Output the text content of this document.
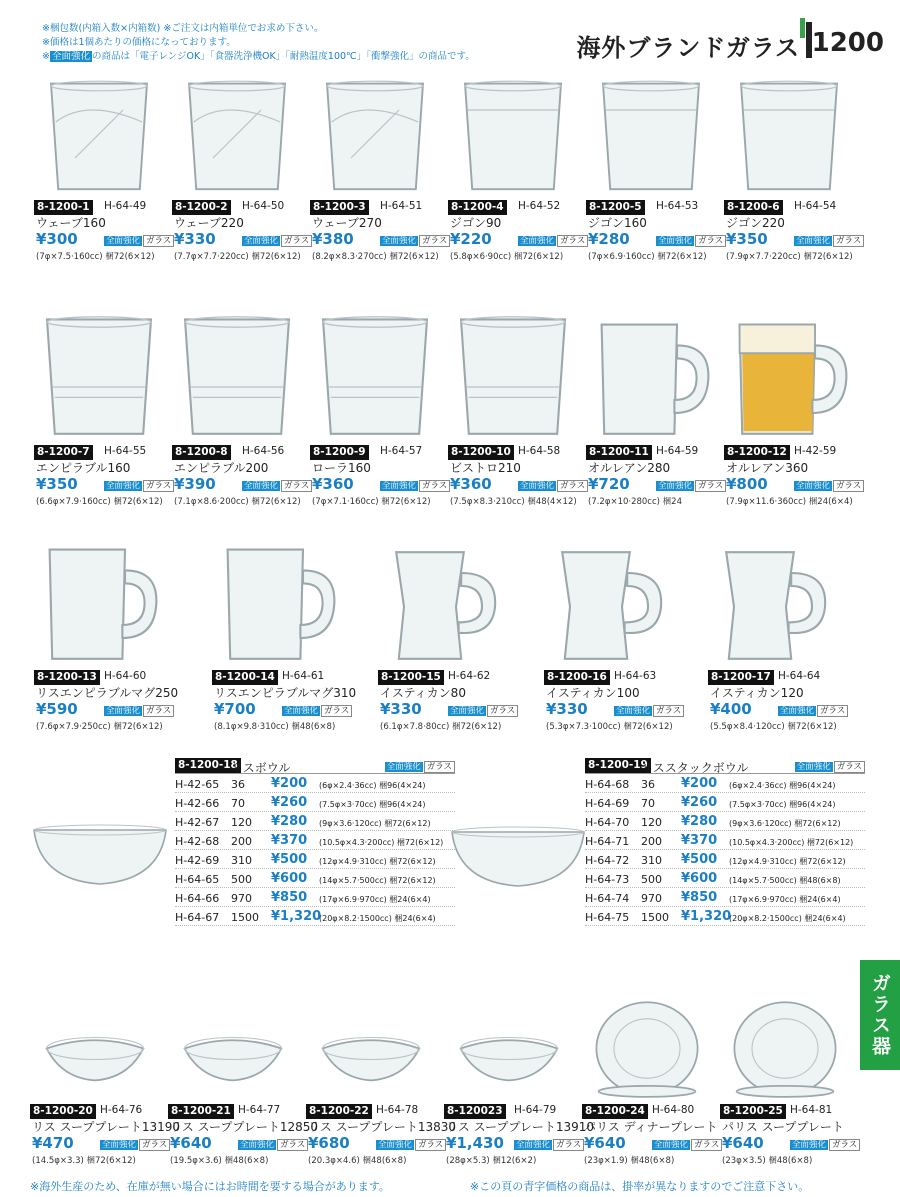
※梱包数(内箱入数×内箱数) ※ご注文は内箱単位でお求め下さい。
※価格は1個あたりの価格になっております。
※ 全面強化 の商品は「電子レンジOK」「食器洗浄機OK」「耐熱温度100℃」「衝撃強化」の商品です。	海外ブランドガラス 1200
8-1200-1 H-64-49
ウェーブ160
¥300	全面強化 ガラス
(7φ×7.5·160cc) 梱72(6×12)
8-1200-2 H-64-50
ウェーブ220
¥330	全面強化 ガラス
(7.7φ×7.7·220cc) 梱72(6×12)
8-1200-3 H-64-51
ウェーブ270
¥380	全面強化 ガラス
(8.2φ×8.3·270cc) 梱72(6×12)
8-1200-4 H-64-52
ジゴン90
¥220	全面強化 ガラス
(5.8φ×6·90cc) 梱72(6×12)
8-1200-5 H-64-53
ジゴン160
¥280	全面強化 ガラス
(7φ×6.9·160cc) 梱72(6×12)
8-1200-6 H-64-54
ジゴン220
¥350	全面強化 ガラス
(7.9φ×7.7·220cc) 梱72(6×12)
8-1200-7 H-64-55
エンピラブル160
¥350	全面強化 ガラス
(6.6φ×7.9·160cc) 梱72(6×12)
8-1200-8 H-64-56
エンピラブル200
¥390	全面強化 ガラス
(7.1φ×8.6·200cc) 梱72(6×12)
8-1200-9 H-64-57
ローラ160
¥360	全面強化 ガラス
(7φ×7.1·160cc) 梱72(6×12)
8-1200-10 H-64-58
ビストロ210
¥360	全面強化 ガラス
(7.5φ×8.3·210cc) 梱48(4×12)
8-1200-11 H-64-59
オルレアン280
¥720	全面強化 ガラス
(7.2φ×10·280cc) 梱24
8-1200-12 H-42-59
オルレアン360
¥800	全面強化 ガラス
(7.9φ×11.6·360cc) 梱24(6×4)
8-1200-13 H-64-60
リスエンピラブルマグ250
¥590	全面強化 ガラス
(7.6φ×7.9·250cc) 梱72(6×12)
8-1200-14 H-64-61
リスエンピラブルマグ310
¥700	全面強化 ガラス
(8.1φ×9.8·310cc) 梱48(6×8)
8-1200-15 H-64-62
イスティカン80
¥330	全面強化 ガラス
(6.1φ×7.8·80cc) 梱72(6×12)
8-1200-16 H-64-63
イスティカン100
¥330	全面強化 ガラス
(5.3φ×7.3·100cc) 梱72(6×12)
8-1200-17 H-64-64
イスティカン120
¥400	全面強化 ガラス
(5.5φ×8.4·120cc) 梱72(6×12)
8-1200-20 H-64-76
リス スーププレート13190
¥470	全面強化 ガラス
(14.5φ×3.3) 梱72(6×12)
8-1200-21 H-64-77
リス スーププレート12850
¥640	全面強化 ガラス
(19.5φ×3.6) 梱48(6×8)
8-1200-22 H-64-78
リス スーププレート13830
¥680	全面強化 ガラス
(20.3φ×4.6) 梱48(6×8)
8-120023 H-64-79
リス スーププレート13910
¥1,430 全面強化 ガラス
(28φ×5.3) 梱12(6×2)
8-1200-24 H-64-80
パリス ディナープレート
¥640	全面強化 ガラス
(23φ×1.9) 梱48(6×8)
8-1200-25 H-64-81
パリス スーププレート
¥640	全面強化 ガラス
(23φ×3.5) 梱48(6×8)
8-1200-18
リスボウル	全面強化 ガラス
H-42-65 36 ¥200 (6φ×2.4·36cc) 梱96(4×24)
H-42-66 70 ¥260 (7.5φ×3·70cc) 梱96(4×24)
H-42-67 120 ¥280 (9φ×3.6·120cc) 梱72(6×12)
H-42-68 200 ¥370 (10.5φ×4.3·200cc) 梱72(6×12)
H-42-69 310 ¥500 (12φ×4.9·310cc) 梱72(6×12)
H-64-65 500 ¥600 (14φ×5.7·500cc) 梱72(6×12)
H-64-66 970 ¥850 (17φ×6.9·970cc) 梱24(6×4)
H-64-67 1500 ¥1,320
(20φ×8.2·1500cc) 梱24(6×4)
8-1200-19
リススタックボウル	全面強化 ガラス
H-64-68 36 ¥200 (6φ×2.4·36cc) 梱96(4×24)
H-64-69 70 ¥260 (7.5φ×3·70cc) 梱96(4×24)
H-64-70 120 ¥280 (9φ×3.6·120cc) 梱72(6×12)
H-64-71 200 ¥370 (10.5φ×4.3·200cc) 梱72(6×12)
H-64-72 310 ¥500 (12φ×4.9·310cc) 梱72(6×12)
H-64-73 500 ¥600 (14φ×5.7·500cc) 梱48(6×8)
H-64-74 970 ¥850 (17φ×6.9·970cc) 梱24(6×4)
H-64-75 1500 ¥1,320
(20φ×8.2·1500cc) 梱24(6×4)
ガラス器
※海外生産のため、在庫が無い場合にはお時間を要する場合があります。	※この頁の青字価格の商品は、掛率が異なりますのでご注意下さい。
